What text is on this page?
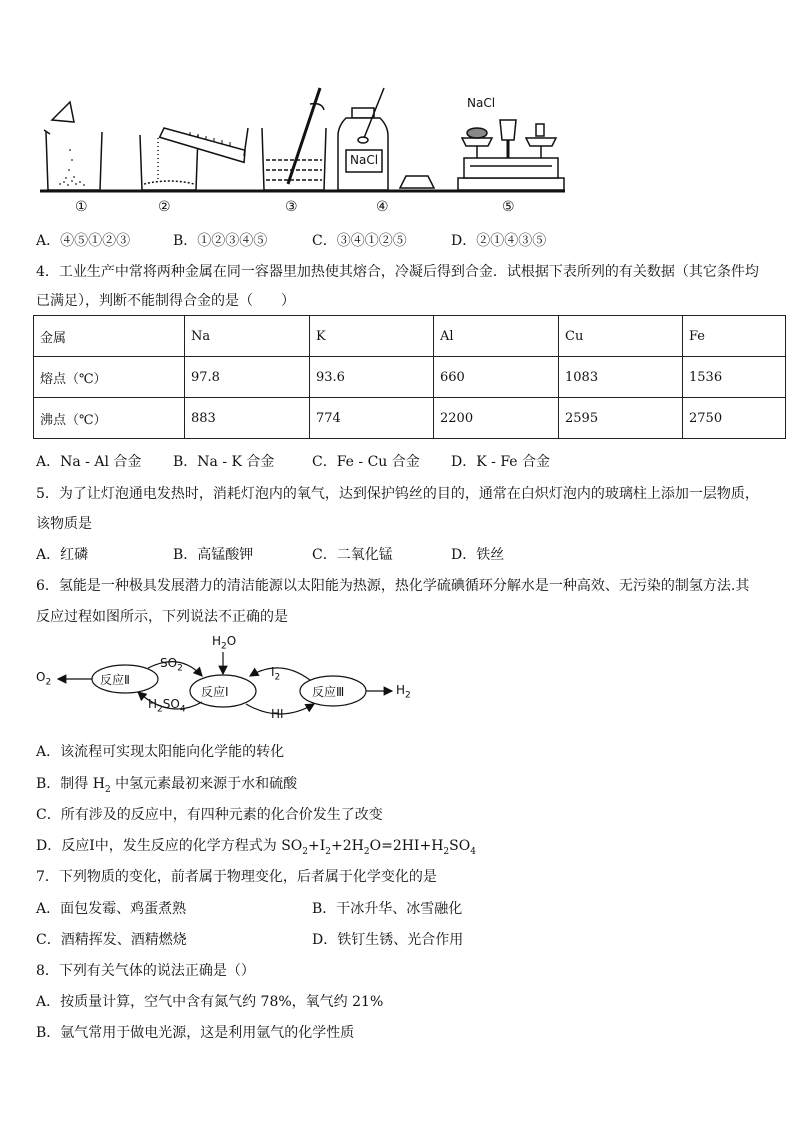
NaCl
NaCl
①	②	③	④	⑤
A．④⑤①②③	B．①②③④⑤	C．③④①②⑤	D．②①④③⑤
4．工业生产中常将两种金属在同一容器里加热使其熔合，冷凝后得到合金．试根据下表所列的有关数据（其它条件均
已满足），判断不能制得合金的是（　　）
金属	Na	K	Al	Cu	Fe
熔点（℃）	97.8	93.6	660	1083	1536
沸点（℃）	883	774	2200	2595	2750
A．Na - Al 合金 B．Na - K 合金	C．Fe - Cu 合金 D．K - Fe 合金
5．为了让灯泡通电发热时，消耗灯泡内的氧气，达到保护钨丝的目的，通常在白炽灯泡内的玻璃柱上添加一层物质，
该物质是
A．红磷	B．高锰酸钾	C．二氧化锰	D．铁丝
6．氢能是一种极具发展潜力的清洁能源以太阳能为热源，热化学硫碘循环分解水是一种高效、无污染的制氢方法.其
反应过程如图所示，下列说法不正确的是
$O_2$
$H_2O$
$SO_2$
$H_2SO_4$
$I_2$
HI
$H_2$
反应Ⅱ
反应Ⅰ	反应Ⅲ
A．该流程可实现太阳能向化学能的转化
B．制得 $H_2$ 中氢元素最初来源于水和硫酸
C．所有涉及的反应中，有四种元素的化合价发生了改变
D．反应Ⅰ中，发生反应的化学方程式为 $SO_2+I_2+2H_2O=2HI+H_2SO_4$
7．下列物质的变化，前者属于物理变化，后者属于化学变化的是
A．面包发霉、鸡蛋煮熟	B．干冰升华、冰雪融化
C．酒精挥发、酒精燃烧	D．铁钉生锈、光合作用
8．下列有关气体的说法正确是（）
A．按质量计算，空气中含有氮气约 78%，氧气约 21%
B．氩气常用于做电光源，这是利用氩气的化学性质
